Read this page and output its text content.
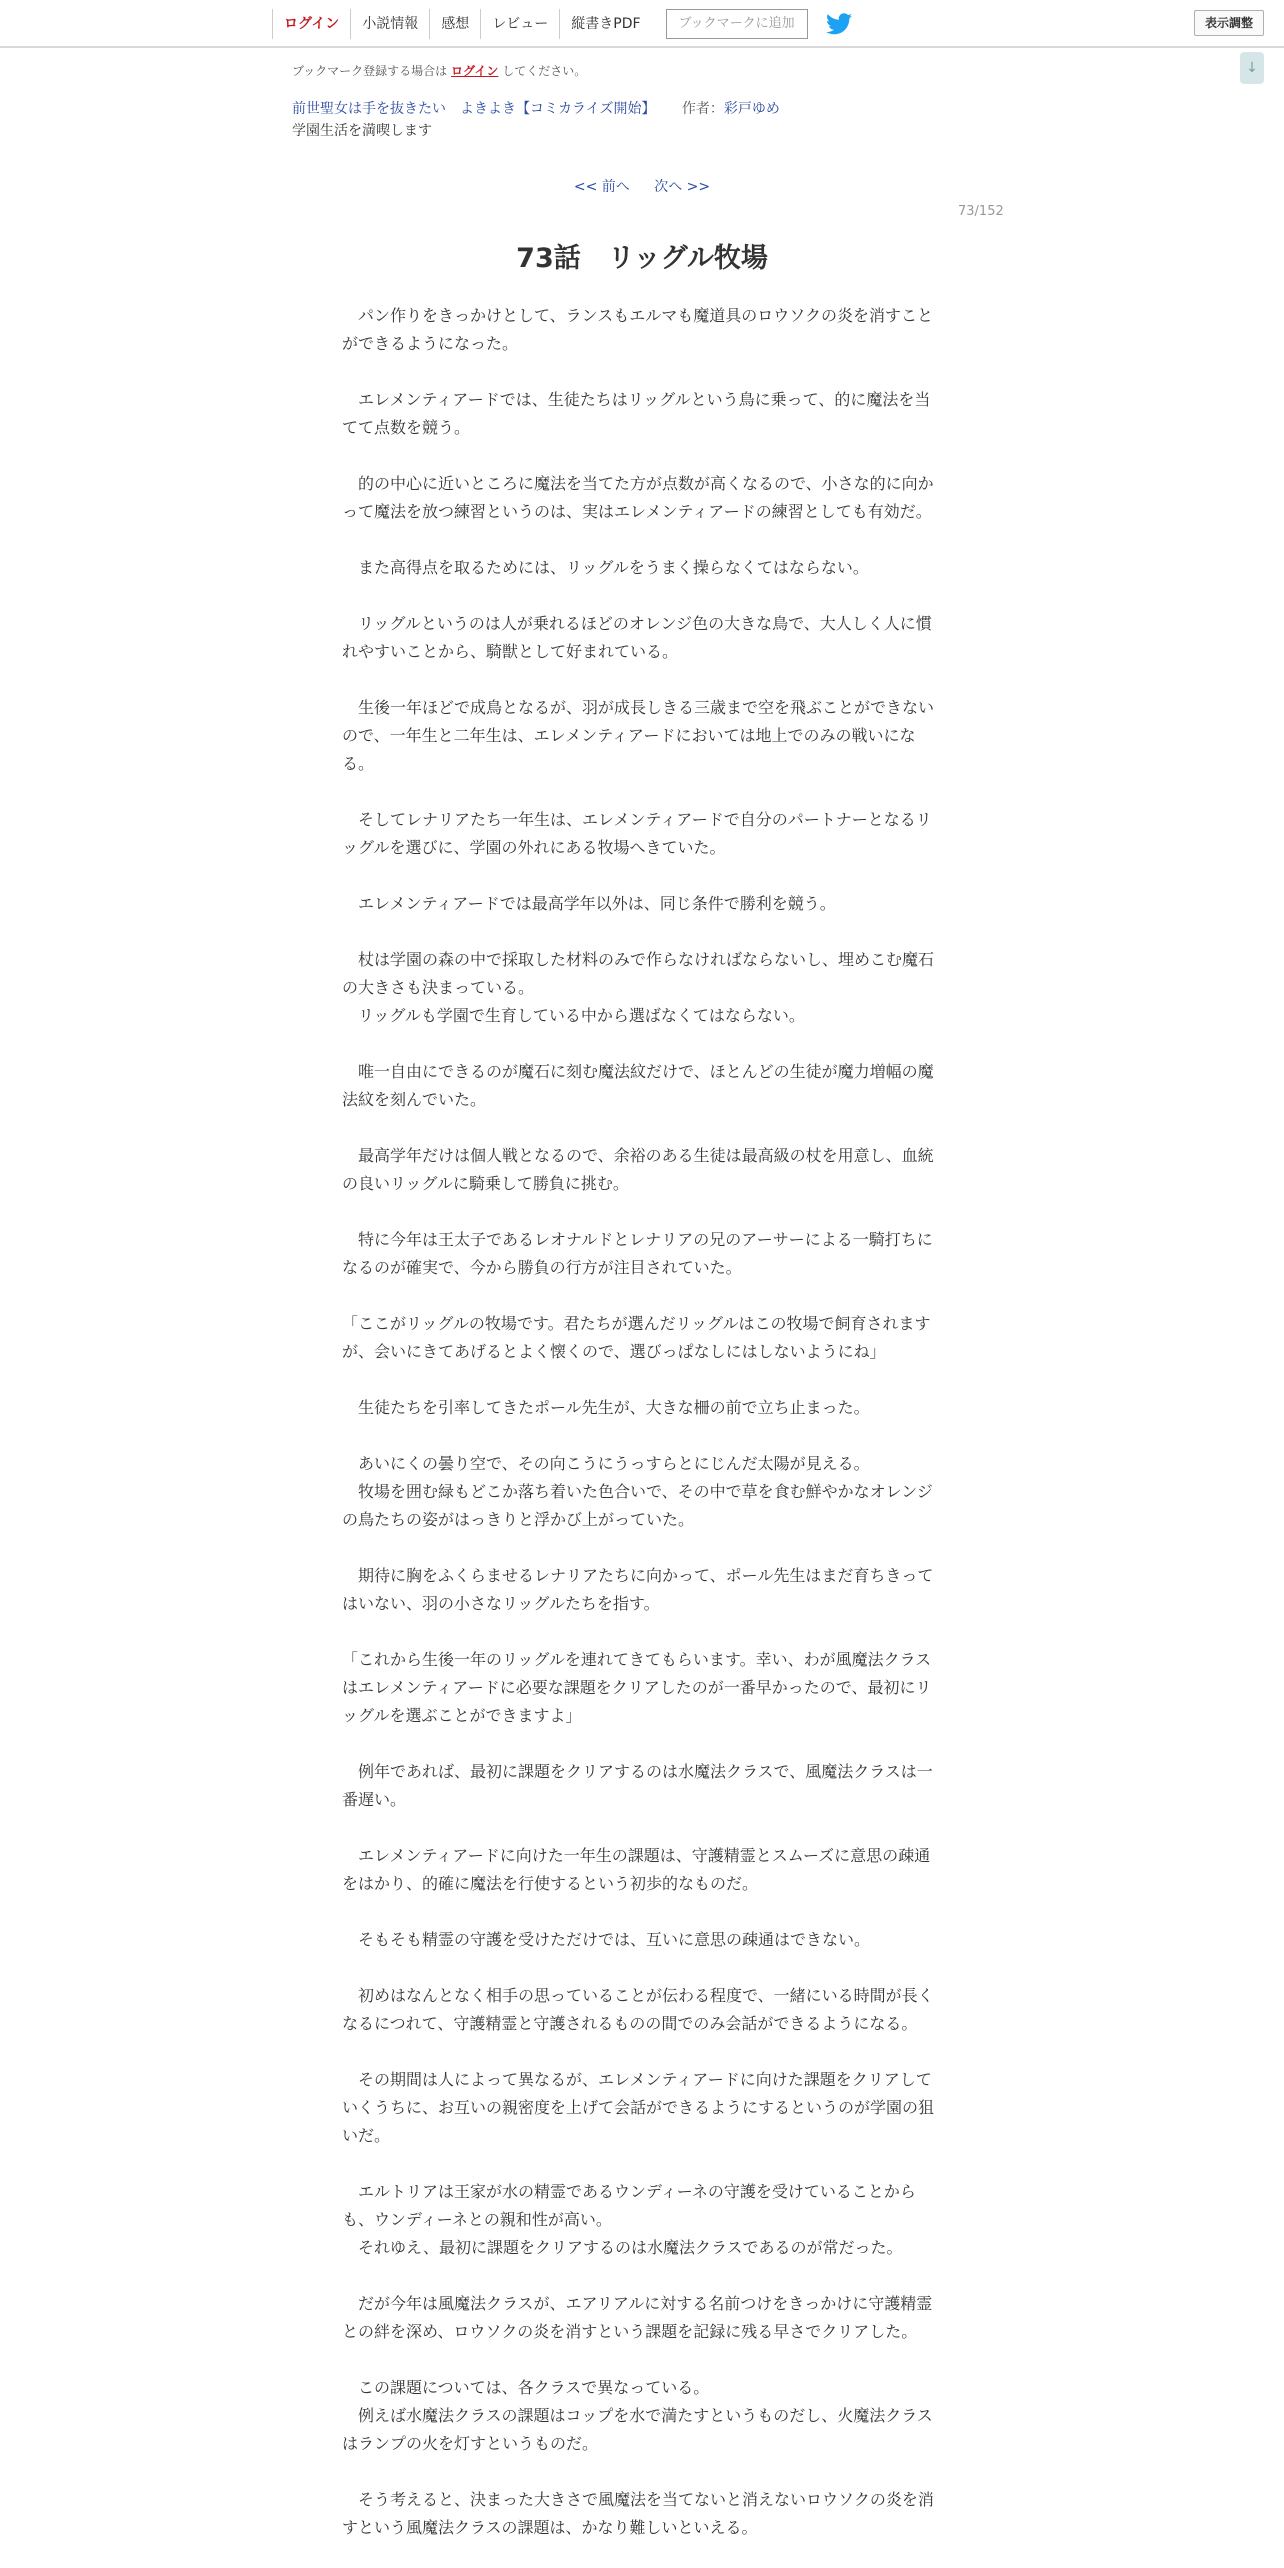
ログイン	小説情報	感想	レビュー	縦書きPDF	ブックマークに追加	表示調整
↓
ブックマーク登録する場合は ログイン してください。
前世聖女は手を抜きたい　よきよき【コミカライズ開始】 作者：彩戸ゆめ
学園生活を満喫します
<< 前へ 次へ >>
73/152
73話　リッグル牧場

　パン作りをきっかけとして、ランスもエルマも魔道具のロウソクの炎を消すことができるようになった。

　エレメンティアードでは、生徒たちはリッグルという鳥に乗って、的に魔法を当てて点数を競う。

　的の中心に近いところに魔法を当てた方が点数が高くなるので、小さな的に向かって魔法を放つ練習というのは、実はエレメンティアードの練習としても有効だ。

　また高得点を取るためには、リッグルをうまく操らなくてはならない。

　リッグルというのは人が乗れるほどのオレンジ色の大きな鳥で、大人しく人に慣れやすいことから、騎獣として好まれている。

　生後一年ほどで成鳥となるが、羽が成長しきる三歳まで空を飛ぶことができないので、一年生と二年生は、エレメンティアードにおいては地上でのみの戦いになる。

　そしてレナリアたち一年生は、エレメンティアードで自分のパートナーとなるリッグルを選びに、学園の外れにある牧場へきていた。

　エレメンティアードでは最高学年以外は、同じ条件で勝利を競う。

　杖は学園の森の中で採取した材料のみで作らなければならないし、埋めこむ魔石の大きさも決まっている。

　リッグルも学園で生育している中から選ばなくてはならない。

　唯一自由にできるのが魔石に刻む魔法紋だけで、ほとんどの生徒が魔力増幅の魔法紋を刻んでいた。

　最高学年だけは個人戦となるので、余裕のある生徒は最高級の杖を用意し、血統の良いリッグルに騎乗して勝負に挑む。

　特に今年は王太子であるレオナルドとレナリアの兄のアーサーによる一騎打ちになるのが確実で、今から勝負の行方が注目されていた。

「ここがリッグルの牧場です。君たちが選んだリッグルはこの牧場で飼育されますが、会いにきてあげるとよく懐くので、選びっぱなしにはしないようにね」

　生徒たちを引率してきたポール先生が、大きな柵の前で立ち止まった。

　あいにくの曇り空で、その向こうにうっすらとにじんだ太陽が見える。

　牧場を囲む緑もどこか落ち着いた色合いで、その中で草を食む鮮やかなオレンジの鳥たちの姿がはっきりと浮かび上がっていた。

　期待に胸をふくらませるレナリアたちに向かって、ポール先生はまだ育ちきってはいない、羽の小さなリッグルたちを指す。

「これから生後一年のリッグルを連れてきてもらいます。幸い、わが風魔法クラスはエレメンティアードに必要な課題をクリアしたのが一番早かったので、最初にリッグルを選ぶことができますよ」

　例年であれば、最初に課題をクリアするのは水魔法クラスで、風魔法クラスは一番遅い。

　エレメンティアードに向けた一年生の課題は、守護精霊とスムーズに意思の疎通をはかり、的確に魔法を行使するという初歩的なものだ。

　そもそも精霊の守護を受けただけでは、互いに意思の疎通はできない。

　初めはなんとなく相手の思っていることが伝わる程度で、一緒にいる時間が長くなるにつれて、守護精霊と守護されるものの間でのみ会話ができるようになる。

　その期間は人によって異なるが、エレメンティアードに向けた課題をクリアしていくうちに、お互いの親密度を上げて会話ができるようにするというのが学園の狙いだ。

　エルトリアは王家が水の精霊であるウンディーネの守護を受けていることからも、ウンディーネとの親和性が高い。

　それゆえ、最初に課題をクリアするのは水魔法クラスであるのが常だった。

　だが今年は風魔法クラスが、エアリアルに対する名前つけをきっかけに守護精霊との絆を深め、ロウソクの炎を消すという課題を記録に残る早さでクリアした。

　この課題については、各クラスで異なっている。

　例えば水魔法クラスの課題はコップを水で満たすというものだし、火魔法クラスはランプの火を灯すというものだ。

　そう考えると、決まった大きさで風魔法を当てないと消えないロウソクの炎を消すという風魔法クラスの課題は、かなり難しいといえる。
